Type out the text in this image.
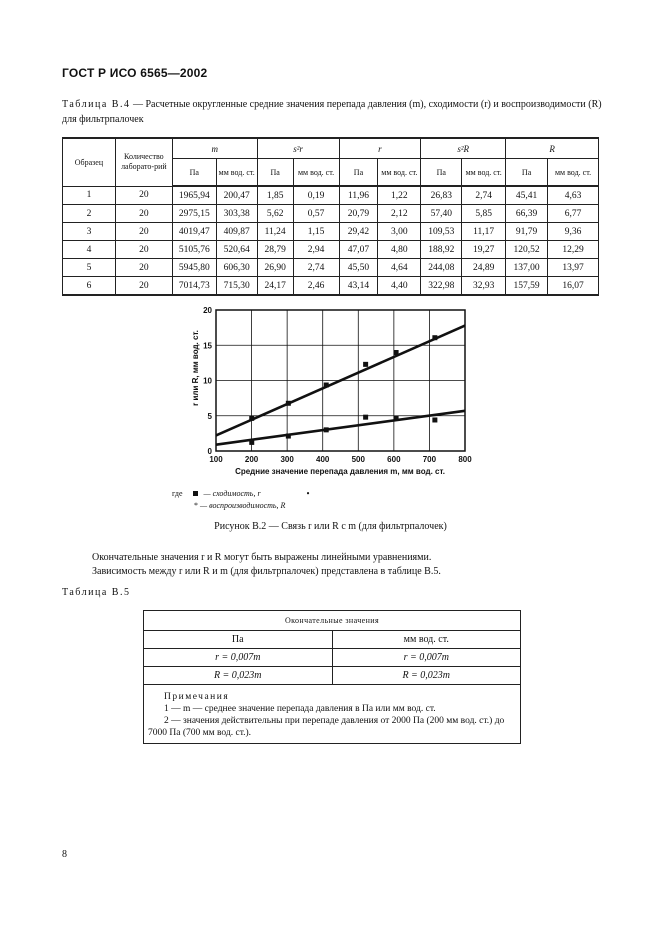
ГОСТ Р ИСО 6565—2002
Таблица В.4 — Расчетные округленные средние значения перепада давления (m), сходимости (r) и воспроизводимости (R) для фильтрпалочек
Образец	Количество лаборато-рий	m		s²r		r		s²R		R	
		Па	мм вод. ст.	Па	мм вод. ст.	Па	мм вод. ст.	Па	мм вод. ст.	Па	мм вод. ст.
1	20	1965,94	200,47	1,85	0,19	11,96	1,22	26,83	2,74	45,41	4,63
2	20	2975,15	303,38	5,62	0,57	20,79	2,12	57,40	5,85	66,39	6,77
3	20	4019,47	409,87	11,24	1,15	29,42	3,00	109,53	11,17	91,79	9,36
4	20	5105,76	520,64	28,79	2,94	47,07	4,80	188,92	19,27	120,52	12,29
5	20	5945,80	606,30	26,90	2,74	45,50	4,64	244,08	24,89	137,00	13,97
6	20	7014,73	715,30	24,17	2,46	43,14	4,40	322,98	32,93	157,59	16,07
100	200	300	400	500	600	700	800
0
5
10
15
20
r или R, мм вод. ст.
Средние значение перепада давления m, мм вод. ст.
где	— сходимость, r	•
* — воспроизводимость, R
Рисунок В.2 — Связь r или R с m (для фильтрпалочек)
Окончательные значения r и R могут быть выражены линейными уравнениями.
Зависимость между r или R и m (для фильтрпалочек) представлена в таблице В.5.
Таблица В.5
Окончательные значения	
Па	мм вод. ст.
r = 0,007m	r = 0,007m
R = 0,023m	R = 0,023m

Примечания
1 — m — среднее значение перепада давления в Па или мм вод. ст.
2 — значения действительны при перепаде давления от 2000 Па (200 мм вод. ст.) до 7000 Па (700 мм вод. ст.).	
8
